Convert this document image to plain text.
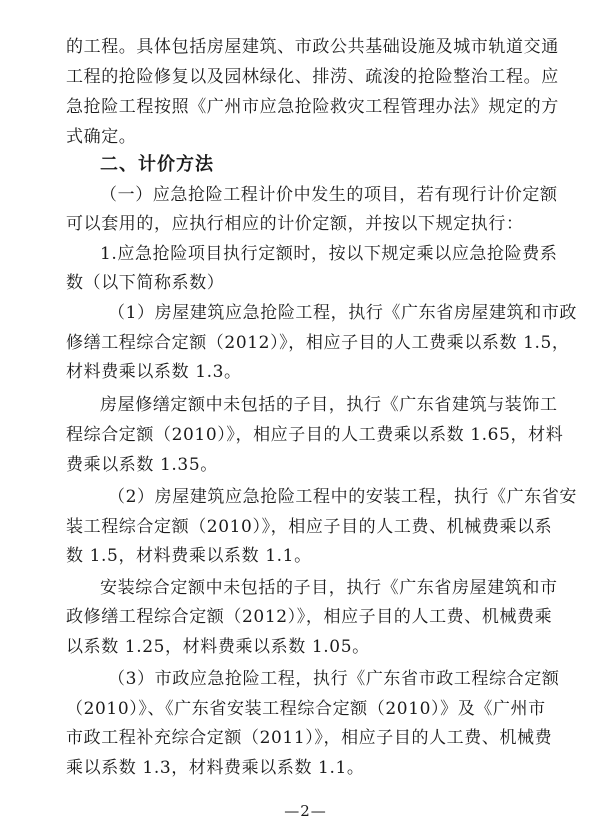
的工程。具体包括房屋建筑、市政公共基础设施及城市轨道交通
工程的抢险修复以及园林绿化、排涝、疏浚的抢险整治工程。应
急抢险工程按照《广州市应急抢险救灾工程管理办法》规定的方
式确定。
二、计价方法
（一）应急抢险工程计价中发生的项目，若有现行计价定额
可以套用的，应执行相应的计价定额，并按以下规定执行：
1.应急抢险项目执行定额时，按以下规定乘以应急抢险费系
数（以下简称系数）
（1）房屋建筑应急抢险工程，执行《广东省房屋建筑和市政
修缮工程综合定额（2012）》，相应子目的人工费乘以系数 1.5，
材料费乘以系数 1.3。
房屋修缮定额中未包括的子目，执行《广东省建筑与装饰工
程综合定额（2010）》，相应子目的人工费乘以系数 1.65，材料
费乘以系数 1.35。
（2）房屋建筑应急抢险工程中的安装工程，执行《广东省安
装工程综合定额（2010）》，相应子目的人工费、机械费乘以系
数 1.5，材料费乘以系数 1.1。
安装综合定额中未包括的子目，执行《广东省房屋建筑和市
政修缮工程综合定额（2012）》，相应子目的人工费、机械费乘
以系数 1.25，材料费乘以系数 1.05。
（3）市政应急抢险工程，执行《广东省市政工程综合定额
（2010）》、《广东省安装工程综合定额（2010）》及《广州市
市政工程补充综合定额（2011）》，相应子目的人工费、机械费
乘以系数 1.3，材料费乘以系数 1.1。
—2—
